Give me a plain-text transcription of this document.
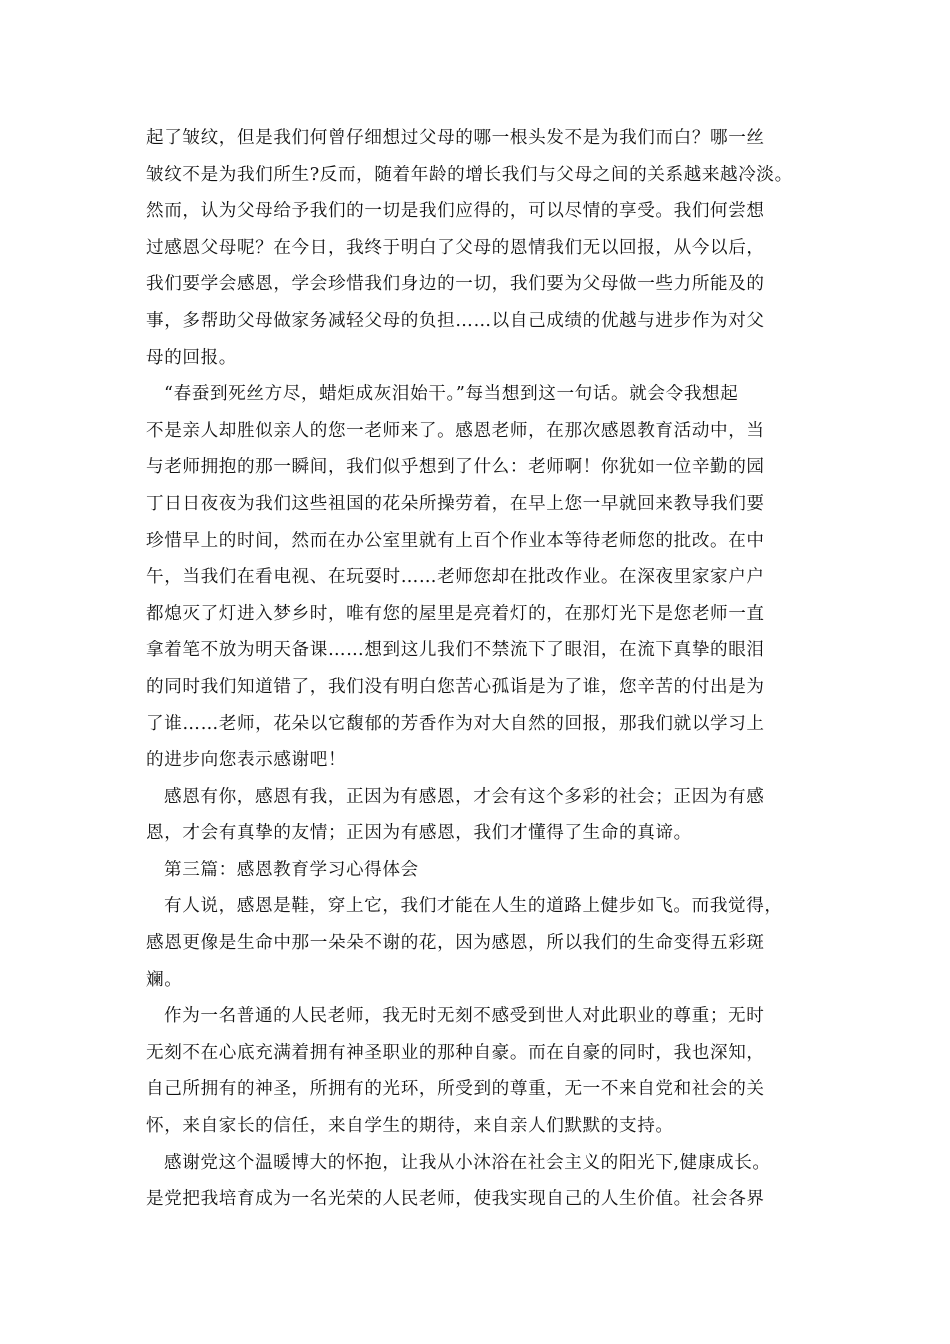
起了皱纹，但是我们何曾仔细想过父母的哪一根头发不是为我们而白？哪一丝
皱纹不是为我们所生?反而，随着年龄的增长我们与父母之间的关系越来越冷淡。
然而，认为父母给予我们的一切是我们应得的，可以尽情的享受。我们何尝想
过感恩父母呢？在今日，我终于明白了父母的恩情我们无以回报，从今以后，
我们要学会感恩，学会珍惜我们身边的一切，我们要为父母做一些力所能及的
事，多帮助父母做家务减轻父母的负担……以自己成绩的优越与进步作为对父
母的回报。
“春蚕到死丝方尽，蜡炬成灰泪始干。”每当想到这一句话。就会令我想起
不是亲人却胜似亲人的您一老师来了。感恩老师，在那次感恩教育活动中，当
与老师拥抱的那一瞬间，我们似乎想到了什么：老师啊！你犹如一位辛勤的园
丁日日夜夜为我们这些祖国的花朵所操劳着，在早上您一早就回来教导我们要
珍惜早上的时间，然而在办公室里就有上百个作业本等待老师您的批改。在中
午，当我们在看电视、在玩耍时……老师您却在批改作业。在深夜里家家户户
都熄灭了灯进入梦乡时，唯有您的屋里是亮着灯的，在那灯光下是您老师一直
拿着笔不放为明天备课……想到这儿我们不禁流下了眼泪，在流下真挚的眼泪
的同时我们知道错了，我们没有明白您苦心孤诣是为了谁，您辛苦的付出是为
了谁……老师，花朵以它馥郁的芳香作为对大自然的回报，那我们就以学习上
的进步向您表示感谢吧！
感恩有你，感恩有我，正因为有感恩，才会有这个多彩的社会；正因为有感
恩，才会有真挚的友情；正因为有感恩，我们才懂得了生命的真谛。
第三篇：感恩教育学习心得体会
有人说，感恩是鞋，穿上它，我们才能在人生的道路上健步如飞。而我觉得，
感恩更像是生命中那一朵朵不谢的花，因为感恩，所以我们的生命变得五彩斑
斓。
作为一名普通的人民老师，我无时无刻不感受到世人对此职业的尊重；无时
无刻不在心底充满着拥有神圣职业的那种自豪。而在自豪的同时，我也深知，
自己所拥有的神圣，所拥有的光环，所受到的尊重，无一不来自党和社会的关
怀，来自家长的信任，来自学生的期待，来自亲人们默默的支持。
感谢党这个温暖博大的怀抱，让我从小沐浴在社会主义的阳光下,健康成长。
是党把我培育成为一名光荣的人民老师，使我实现自己的人生价值。社会各界
